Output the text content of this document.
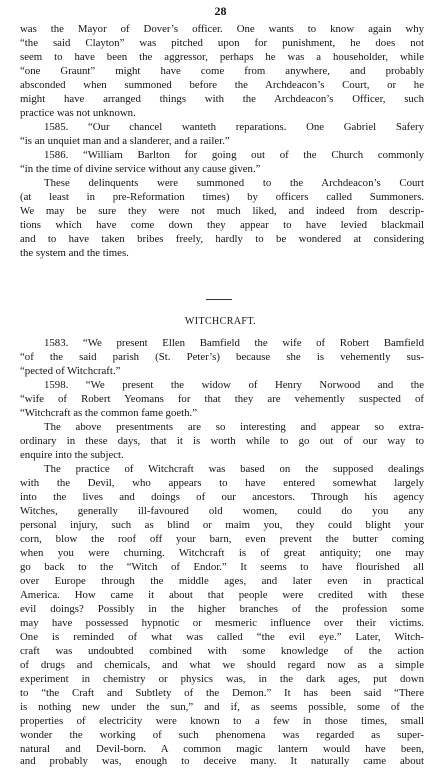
28
was the Mayor of Dover’s officer. One wants to know again why
“the said Clayton” was pitched upon for punishment, he does not
seem to have been the aggressor, perhaps he was a householder, while
“one Graunt” might have come from anywhere, and probably
absconded when summoned before the Archdeacon’s Court, or he
might have arranged things with the Archdeacon’s Officer, such
practice was not unknown.
1585. “Our chancel wanteth reparations. One Gabriel Safery
“is an unquiet man and a slanderer, and a railer.”
1586. “William Barlton for going out of the Church commonly
“in the time of divine service without any cause given.”
These delinquents were summoned to the Archdeacon’s Court
(at least in pre-Reformation times) by officers called Summoners.
We may be sure they were not much liked, and indeed from descrip-
tions which have come down they appear to have levied blackmail
and to have taken bribes freely, hardly to be wondered at considering
the system and the times.
WITCHCRAFT.
1583. “We present Ellen Bamfield the wife of Robert Bamfield
“of the said parish (St. Peter’s) because she is vehemently sus-
“pected of Witchcraft.”
1598. “We present the widow of Henry Norwood and the
“wife of Robert Yeomans for that they are vehemently suspected of
“Witchcraft as the common fame goeth.”
The above presentments are so interesting and appear so extra-
ordinary in these days, that it is worth while to go out of our way to
enquire into the subject.
The practice of Witchcraft was based on the supposed dealings
with the Devil, who appears to have entered somewhat largely
into the lives and doings of our ancestors. Through his agency
Witches, generally ill-favoured old women, could do you any
personal injury, such as blind or maim you, they could blight your
corn, blow the roof off your barn, even prevent the butter coming
when you were churning. Witchcraft is of great antiquity; one may
go back to the “Witch of Endor.” It seems to have flourished all
over Europe through the middle ages, and later even in practical
America. How came it about that people were credited with these
evil doings? Possibly in the higher branches of the profession some
may have possessed hypnotic or mesmeric influence over their victims.
One is reminded of what was called “the evil eye.” Later, Witch-
craft was undoubted combined with some knowledge of the action
of drugs and chemicals, and what we should regard now as a simple
experiment in chemistry or physics was, in the dark ages, put down
to “the Craft and Subtlety of the Demon.” It has been said “There
is nothing new under the sun,” and if, as seems possible, some of the
properties of electricity were known to a few in those times, small
wonder the working of such phenomena was regarded as super-
natural and Devil-born. A common magic lantern would have been,
and probably was, enough to deceive many. It naturally came about
